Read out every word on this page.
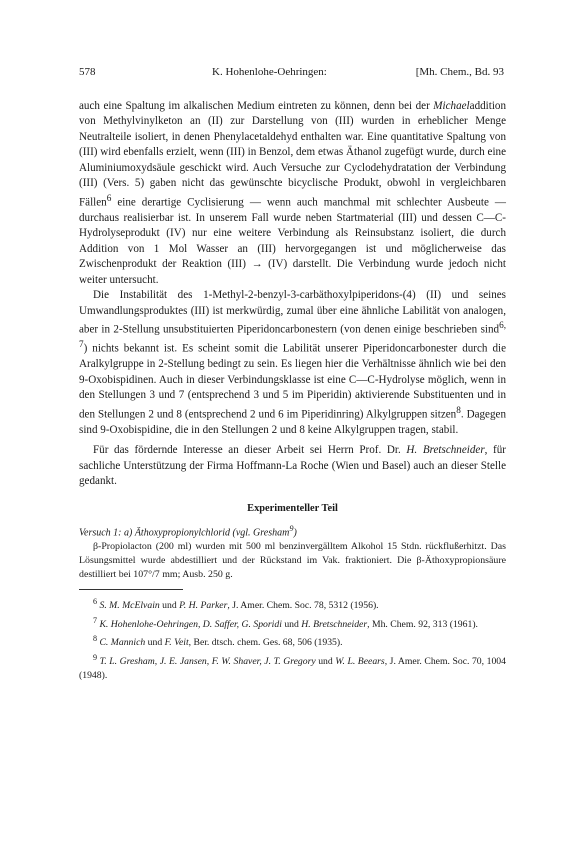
578	K. Hohenlohe-Oehringen:	[Mh. Chem., Bd. 93

auch eine Spaltung im alkalischen Medium eintreten zu können, denn bei der Michaeladdition von Methylvinylketon an (II) zur Darstellung von (III) wurden in erheblicher Menge Neutralteile isoliert, in denen Phenylacetaldehyd enthalten war. Eine quantitative Spaltung von (III) wird ebenfalls erzielt, wenn (III) in Benzol, dem etwas Äthanol zugefügt wurde, durch eine Aluminiumoxydsäule geschickt wird. Auch Versuche zur Cyclodehydratation der Verbindung (III) (Vers. 5) gaben nicht das gewünschte bicyclische Produkt, obwohl in vergleichbaren Fällen$^6$ eine derartige Cyclisierung — wenn auch manchmal mit schlechter Ausbeute — durchaus realisierbar ist. In unserem Fall wurde neben Startmaterial (III) und dessen C—C-Hydrolyseprodukt (IV) nur eine weitere Verbindung als Reinsubstanz isoliert, die durch Addition von 1 Mol Wasser an (III) hervorgegangen ist und möglicherweise das Zwischenprodukt der Reaktion (III) → (IV) darstellt. Die Verbindung wurde jedoch nicht weiter untersucht.

Die Instabilität des 1-Methyl-2-benzyl-3-carbäthoxylpiperidons-(4) (II) und seines Umwandlungsproduktes (III) ist merkwürdig, zumal über eine ähnliche Labilität von analogen, aber in 2-Stellung unsubstituierten Piperidoncarbonestern (von denen einige beschrieben sind$^{6, 7}$) nichts bekannt ist. Es scheint somit die Labilität unserer Piperidoncarbonester durch die Aralkylgruppe in 2-Stellung bedingt zu sein. Es liegen hier die Verhältnisse ähnlich wie bei den 9-Oxobispidinen. Auch in dieser Verbindungsklasse ist eine C—C-Hydrolyse möglich, wenn in den Stellungen 3 und 7 (entsprechend 3 und 5 im Piperidin) aktivierende Substituenten und in den Stellungen 2 und 8 (entsprechend 2 und 6 im Piperidinring) Alkylgruppen sitzen$^8$. Dagegen sind 9-Oxobispidine, die in den Stellungen 2 und 8 keine Alkylgruppen tragen, stabil.

Für das fördernde Interesse an dieser Arbeit sei Herrn Prof. Dr. H. Bretschneider, für sachliche Unterstützung der Firma Hoffmann-La Roche (Wien und Basel) auch an dieser Stelle gedankt.

Experimenteller Teil
Versuch 1: a) Äthoxypropionylchlorid (vgl. Gresham$^9$)

β-Propiolacton (200 ml) wurden mit 500 ml benzinvergälltem Alkohol 15 Stdn. rückflußerhitzt. Das Lösungsmittel wurde abdestilliert und der Rückstand im Vak. fraktioniert. Die β-Äthoxypropionsäure destilliert bei 107°/7 mm; Ausb. 250 g.

$^6$ S. M. McElvain und P. H. Parker, J. Amer. Chem. Soc. 78, 5312 (1956).

$^7$ K. Hohenlohe-Oehringen, D. Saffer, G. Sporidi und H. Bretschneider, Mh. Chem. 92, 313 (1961).

$^8$ C. Mannich und F. Veit, Ber. dtsch. chem. Ges. 68, 506 (1935).

$^9$ T. L. Gresham, J. E. Jansen, F. W. Shaver, J. T. Gregory und W. L. Beears, J. Amer. Chem. Soc. 70, 1004 (1948).
